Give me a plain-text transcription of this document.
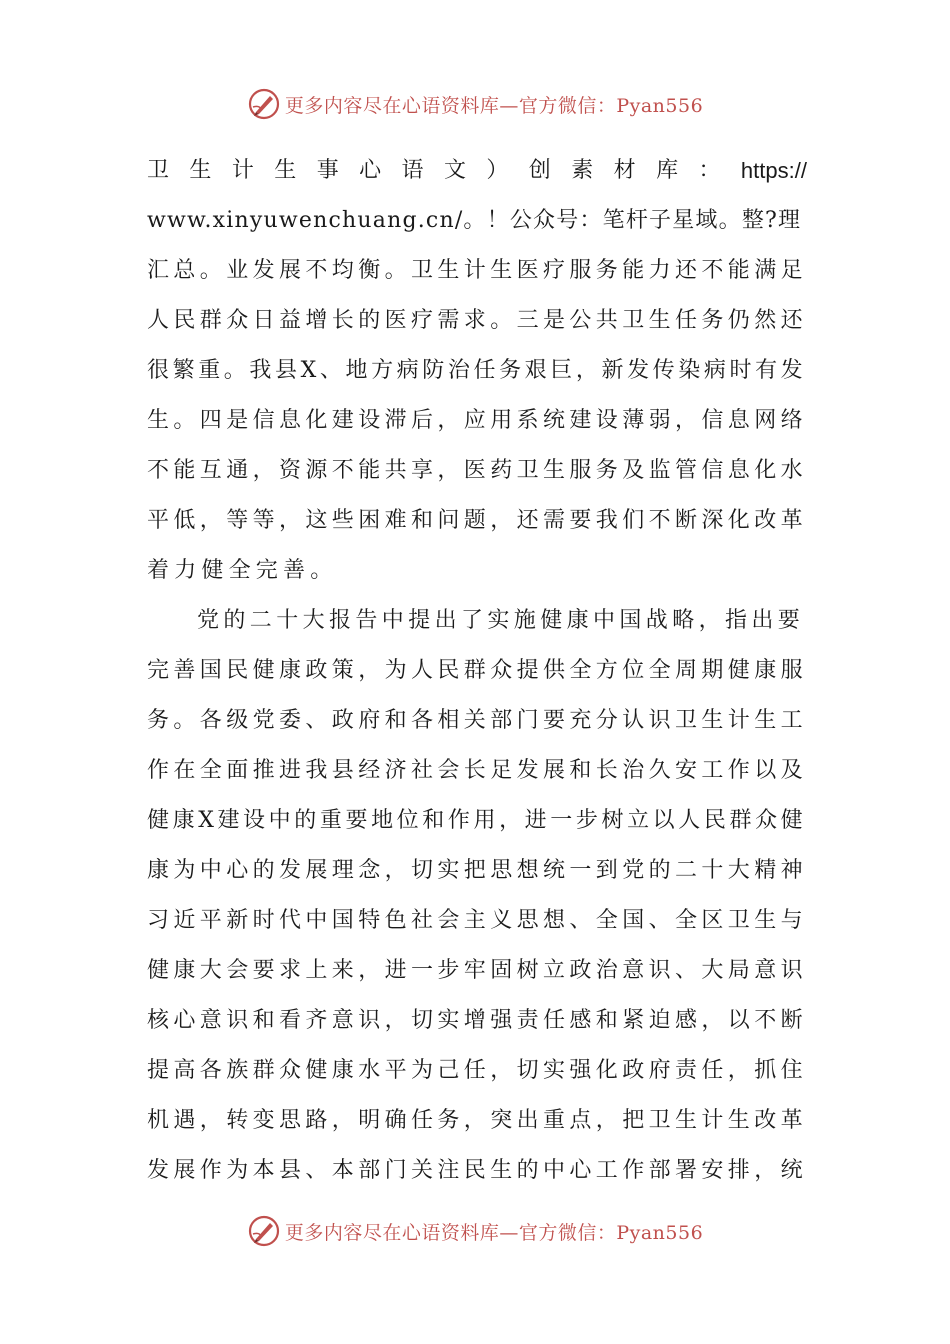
更多内容尽在心语资料库—官方微信：Pyan556
卫 生 计 生 事 心 语 文 ） 创 素 材 库 ： https://
www.xinyuwenchuang.cn/。！公众号：笔杆子星域。整?理
汇总。业发展不均衡。卫生计生医疗服务能力还不能满足
人民群众日益增长的医疗需求。三是公共卫生任务仍然还
很繁重。我县X、地方病防治任务艰巨，新发传染病时有发
生。四是信息化建设滞后，应用系统建设薄弱，信息网络
不能互通，资源不能共享，医药卫生服务及监管信息化水
平低，等等，这些困难和问题，还需要我们不断深化改革
着力健全完善。
党的二十大报告中提出了实施健康中国战略，指出要
完善国民健康政策，为人民群众提供全方位全周期健康服
务。各级党委、政府和各相关部门要充分认识卫生计生工
作在全面推进我县经济社会长足发展和长治久安工作以及
健康X建设中的重要地位和作用，进一步树立以人民群众健
康为中心的发展理念，切实把思想统一到党的二十大精神
习近平新时代中国特色社会主义思想、全国、全区卫生与
健康大会要求上来，进一步牢固树立政治意识、大局意识
核心意识和看齐意识，切实增强责任感和紧迫感，以不断
提高各族群众健康水平为己任，切实强化政府责任，抓住
机遇，转变思路，明确任务，突出重点，把卫生计生改革
发展作为本县、本部门关注民生的中心工作部署安排，统
更多内容尽在心语资料库—官方微信：Pyan556
